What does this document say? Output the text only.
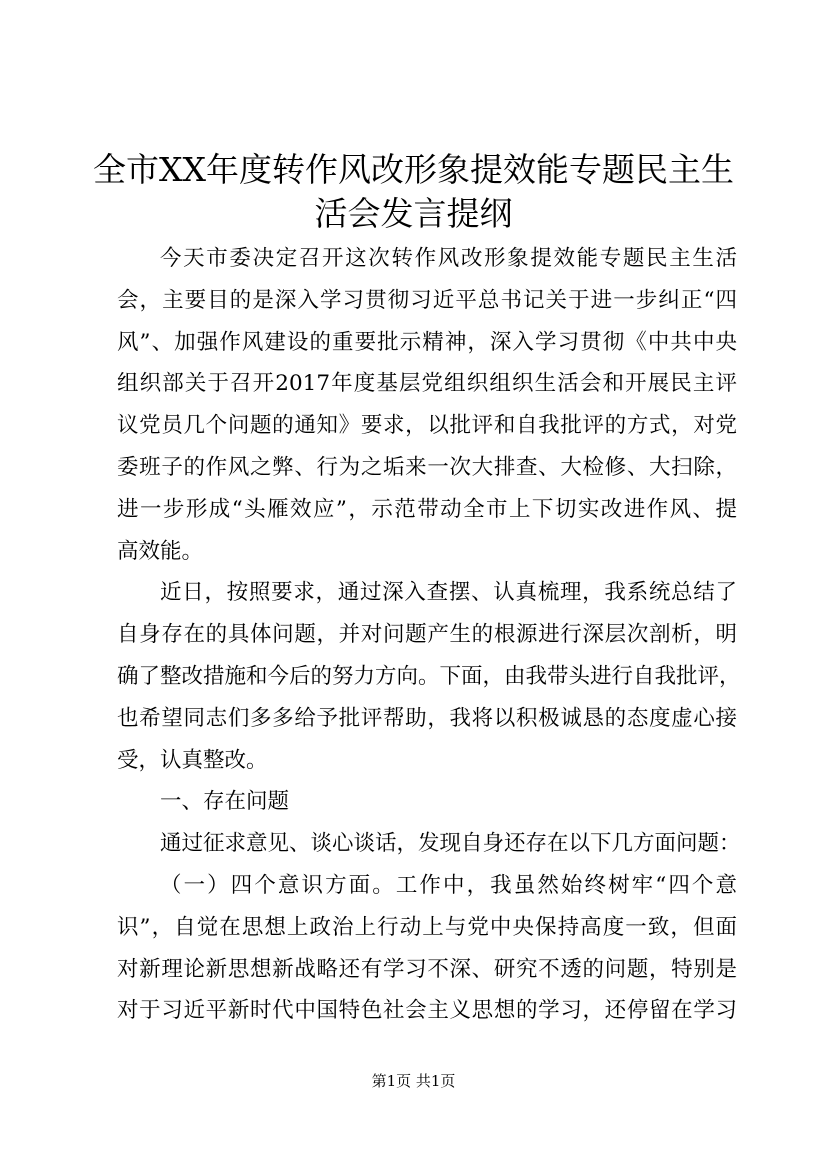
全市XX年度转作风改形象提效能专题民主生
活会发言提纲
今天市委决定召开这次转作风改形象提效能专题民主生活
会，主要目的是深入学习贯彻习近平总书记关于进一步纠正“四
风”、加强作风建设的重要批示精神，深入学习贯彻《中共中央
组织部关于召开2017年度基层党组织组织生活会和开展民主评
议党员几个问题的通知》要求，以批评和自我批评的方式，对党
委班子的作风之弊、行为之垢来一次大排查、大检修、大扫除，
进一步形成“头雁效应”，示范带动全市上下切实改进作风、提
高效能。
近日，按照要求，通过深入查摆、认真梳理，我系统总结了
自身存在的具体问题，并对问题产生的根源进行深层次剖析，明
确了整改措施和今后的努力方向。下面，由我带头进行自我批评，
也希望同志们多多给予批评帮助，我将以积极诚恳的态度虚心接
受，认真整改。
一、存在问题
通过征求意见、谈心谈话，发现自身还存在以下几方面问题：
（一）四个意识方面。工作中，我虽然始终树牢“四个意
识”，自觉在思想上政治上行动上与党中央保持高度一致，但面
对新理论新思想新战略还有学习不深、研究不透的问题，特别是
对于习近平新时代中国特色社会主义思想的学习，还停留在学习
第1页 共1页
